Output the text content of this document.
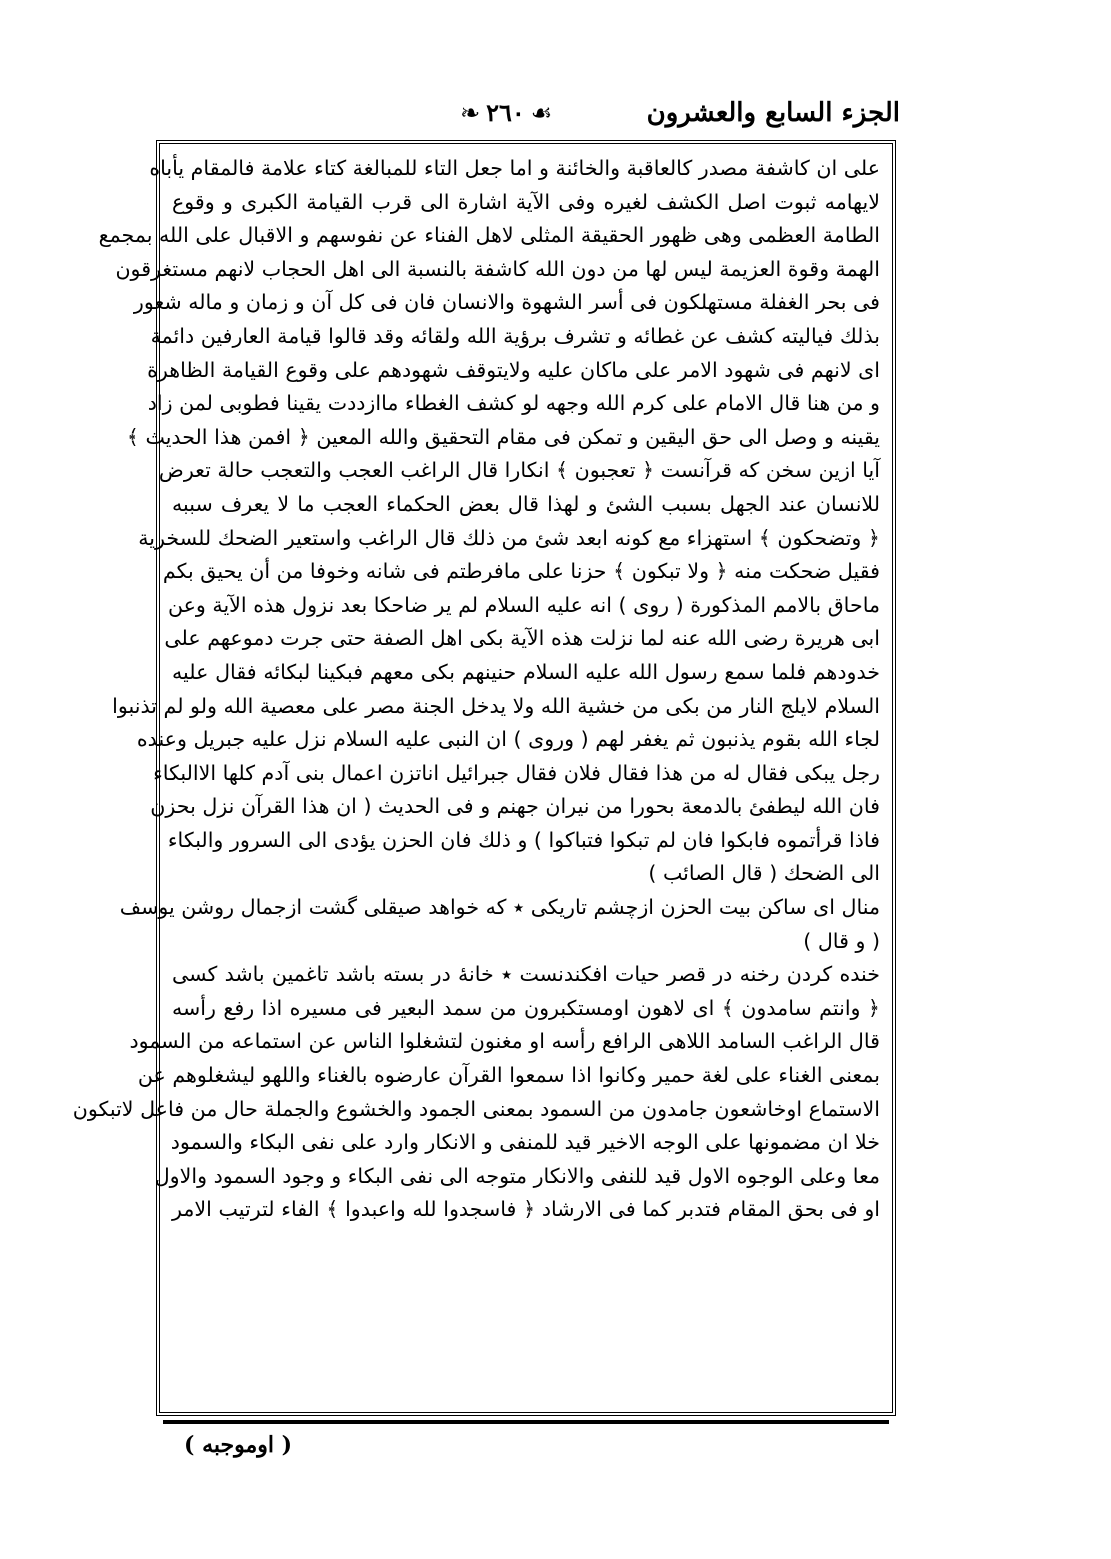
الجزء السابع والعشرون
❧ ٢٦٠ ☙
على ان كاشفة مصدر كالعاقبة والخائنة و اما جعل التاء للمبالغة كتاء علامة فالمقام يأباه
لايهامه ثبوت اصل الكشف لغيره وفى الآية اشارة الى قرب القيامة الكبرى و وقوع
الطامة العظمى وهى ظهور الحقيقة المثلى لاهل الفناء عن نفوسهم و الاقبال على الله بمجمع
الهمة وقوة العزيمة ليس لها من دون الله كاشفة بالنسبة الى اهل الحجاب لانهم مستغرقون
فى بحر الغفلة مستهلكون فى أسر الشهوة والانسان فان فى كل آن و زمان و ماله شعور
بذلك فياليته كشف عن غطائه و تشرف برؤية الله ولقائه وقد قالوا قيامة العارفين دائمة
اى لانهم فى شهود الامر على ماكان عليه ولايتوقف شهودهم على وقوع القيامة الظاهرة
و من هنا قال الامام على كرم الله وجهه لو كشف الغطاء ماازددت يقينا فطوبى لمن زاد
يقينه و وصل الى حق اليقين و تمكن فى مقام التحقيق والله المعين ﴿ افمن هذا الحديث ﴾
آيا ازين سخن كه قرآنست ﴿ تعجبون ﴾ انكارا قال الراغب العجب والتعجب حالة تعرض
للانسان عند الجهل بسبب الشئ و لهذا قال بعض الحكماء العجب ما لا يعرف سببه
﴿ وتضحكون ﴾ استهزاء مع كونه ابعد شئ من ذلك قال الراغب واستعير الضحك للسخرية
فقيل ضحكت منه ﴿ ولا تبكون ﴾ حزنا على مافرطتم فى شانه وخوفا من أن يحيق بكم
ماحاق بالامم المذكورة ( روى ) انه عليه السلام لم ير ضاحكا بعد نزول هذه الآية وعن
ابى هريرة رضى الله عنه لما نزلت هذه الآية بكى اهل الصفة حتى جرت دموعهم على
خدودهم فلما سمع رسول الله عليه السلام حنينهم بكى معهم فبكينا لبكائه فقال عليه
السلام لايلج النار من بكى من خشية الله ولا يدخل الجنة مصر على معصية الله ولو لم تذنبوا
لجاء الله بقوم يذنبون ثم يغفر لهم ( وروى ) ان النبى عليه السلام نزل عليه جبريل وعنده
رجل يبكى فقال له من هذا فقال فلان فقال جبرائيل اناتزن اعمال بنى آدم كلها الاالبكاء
فان الله ليطفئ بالدمعة بحورا من نيران جهنم و فى الحديث ( ان هذا القرآن نزل بحزن
فاذا قرأتموه فابكوا فان لم تبكوا فتباكوا ) و ذلك فان الحزن يؤدى الى السرور والبكاء
الى الضحك ( قال الصائب )
منال اى ساكن بيت الحزن ازچشم تاريكى ٭ كه خواهد صيقلى گشت ازجمال روشن يوسف
( و قال )
خنده كردن رخنه در قصر حيات افكندنست ٭ خانهٔ در بسته باشد تاغمين باشد كسى
﴿ وانتم سامدون ﴾ اى لاهون اومستكبرون من سمد البعير فى مسيره اذا رفع رأسه
قال الراغب السامد اللاهى الرافع رأسه او مغنون لتشغلوا الناس عن استماعه من السمود
بمعنى الغناء على لغة حمير وكانوا اذا سمعوا القرآن عارضوه بالغناء واللهو ليشغلوهم عن
الاستماع اوخاشعون جامدون من السمود بمعنى الجمود والخشوع والجملة حال من فاعل لاتبكون
خلا ان مضمونها على الوجه الاخير قيد للمنفى و الانكار وارد على نفى البكاء والسمود
معا وعلى الوجوه الاول قيد للنفى والانكار متوجه الى نفى البكاء و وجود السمود والاول
او فى بحق المقام فتدبر كما فى الارشاد ﴿ فاسجدوا لله واعبدوا ﴾ الفاء لترتيب الامر
( اوموجبه )
